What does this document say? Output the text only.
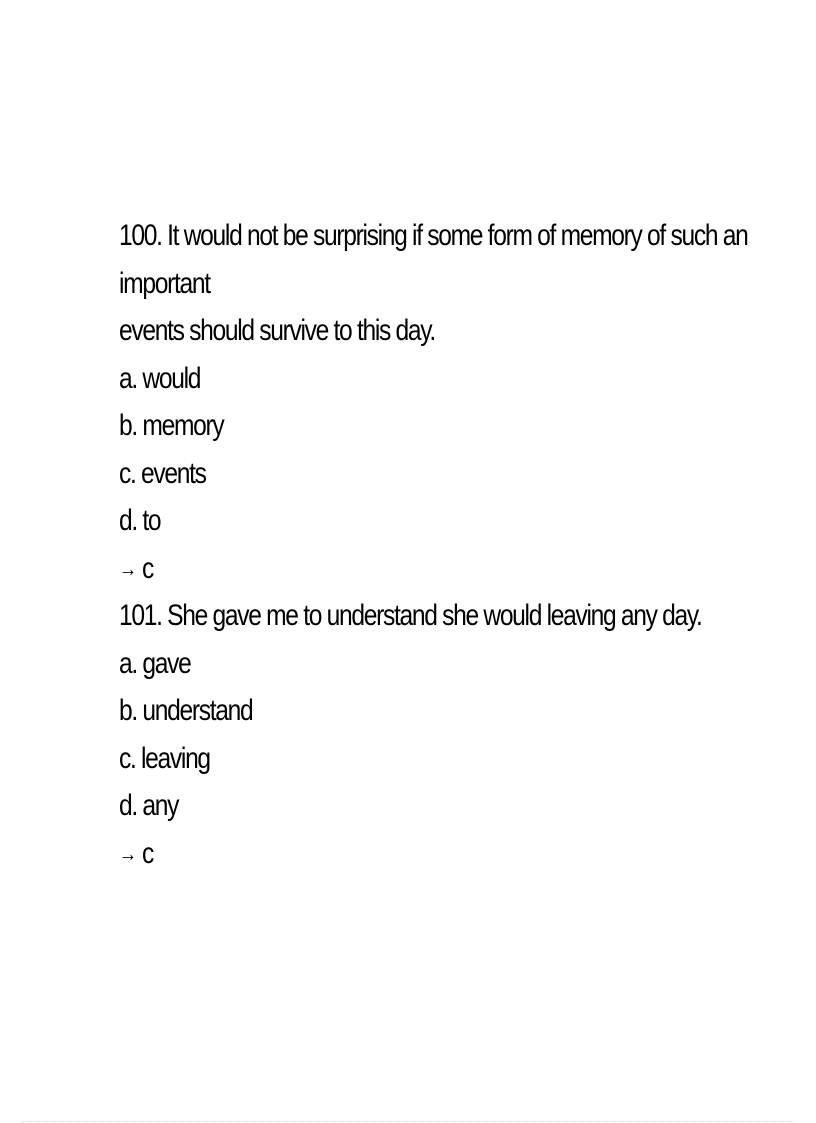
100. It would not be surprising if some form of memory of such an
important
events should survive to this day.
a. would
b. memory
c. events
d. to
→ c
101. She gave me to understand she would leaving any day.
a. gave
b. understand
c. leaving
d. any
→ c
